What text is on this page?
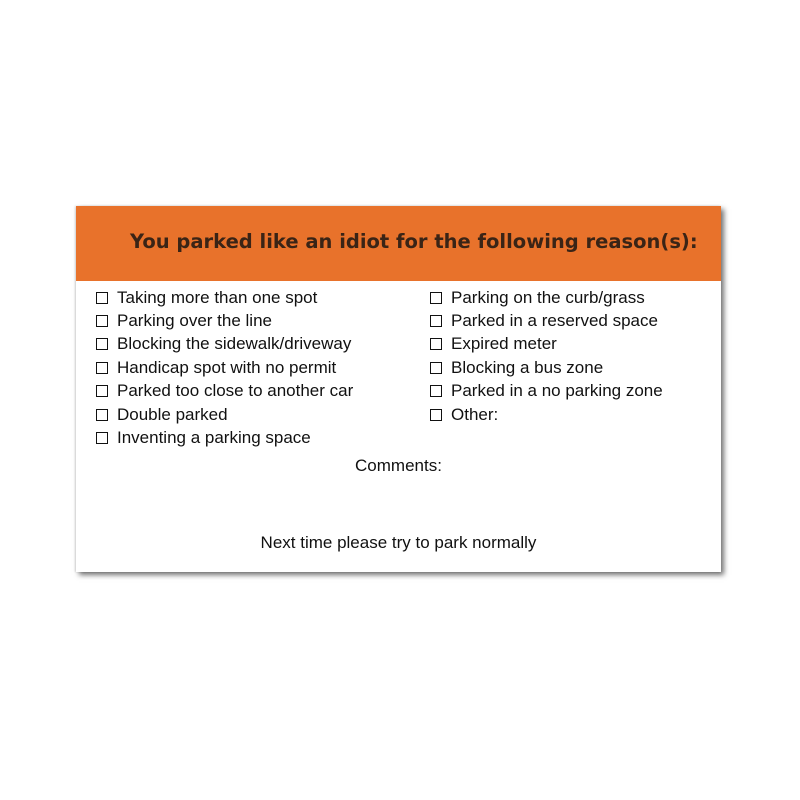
You parked like an idiot for the following reason(s):
Taking more than one spot
Parking over the line
Blocking the sidewalk/driveway
Handicap spot with no permit
Parked too close to another car
Double parked
Inventing a parking space
Parking on the curb/grass
Parked in a reserved space
Expired meter
Blocking a bus zone
Parked in a no parking zone
Other:
Comments:
Next time please try to park normally
